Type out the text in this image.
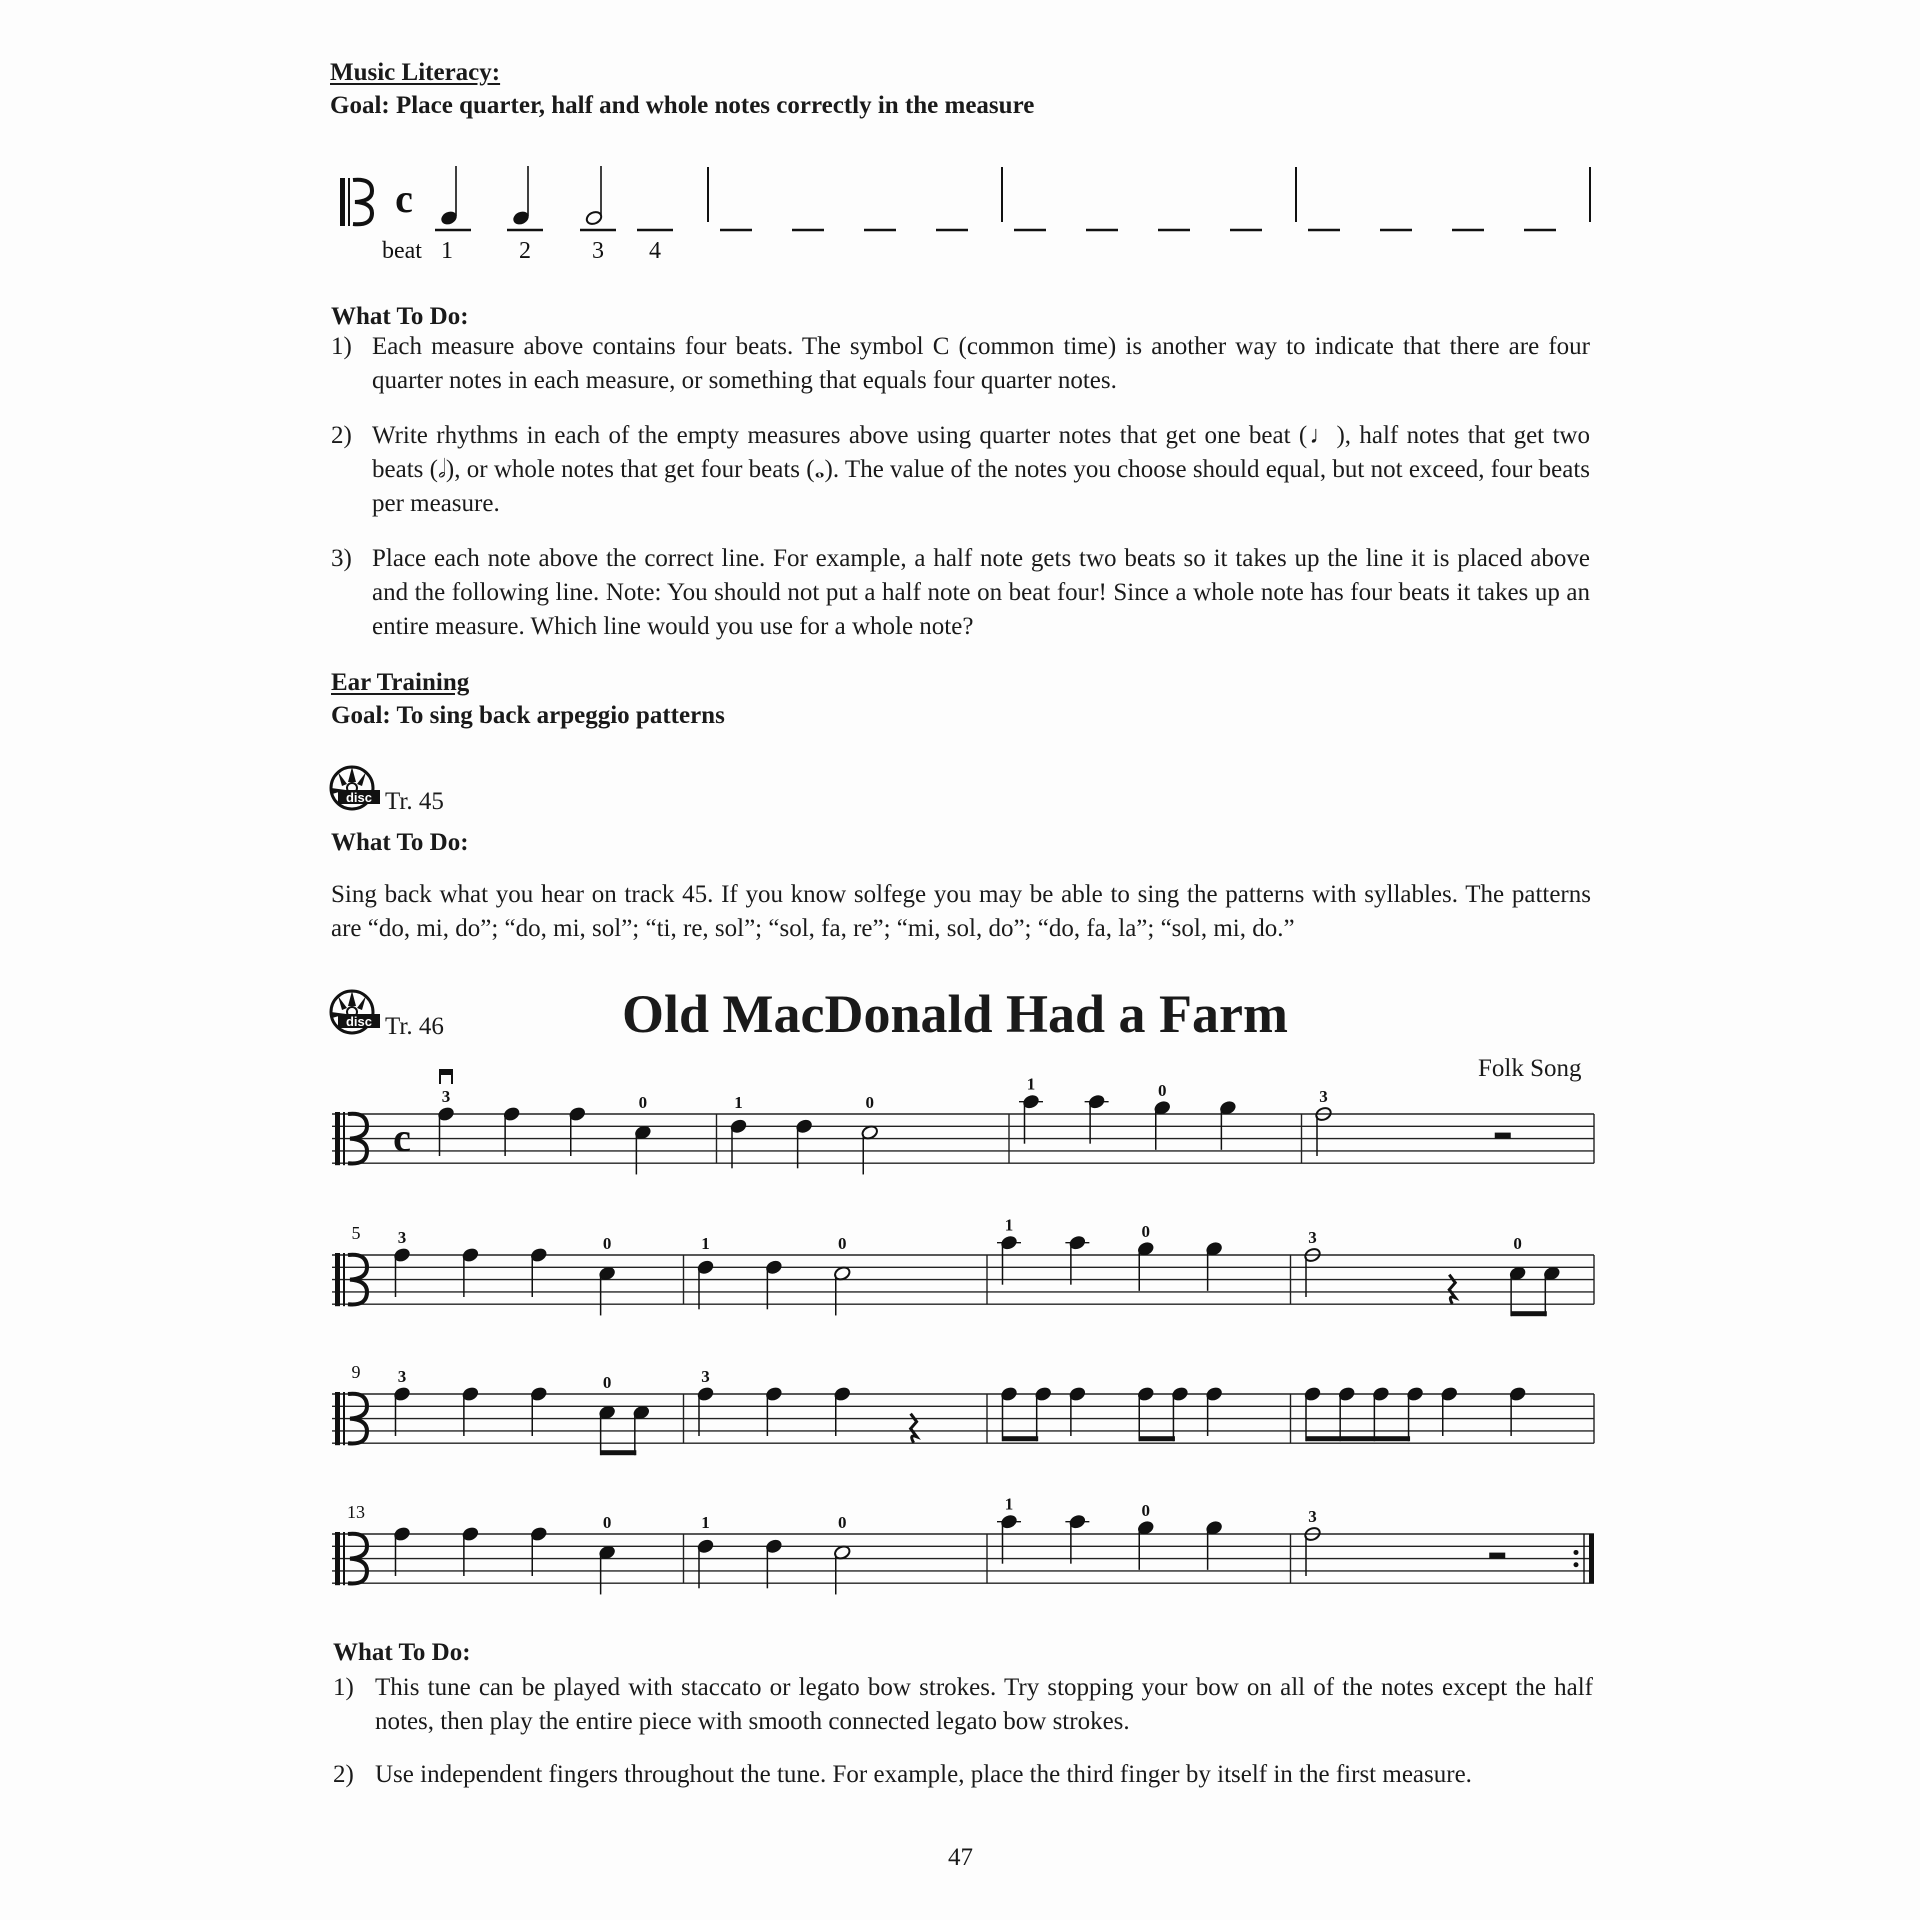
Music Literacy:
Goal: Place quarter, half and whole notes correctly in the measure
c
beat 1	2	3 4
What To Do:
1) Each measure above contains four beats. The symbol C (common time) is another way to indicate that there are four quarter notes in each measure, or something that equals four quarter notes.
2) Write rhythms in each of the empty measures above using quarter notes that get one beat (♩), half notes that get two beats (𝅗𝅥), or whole notes that get four beats (𝅝). The value of the notes you choose should equal, but not exceed, four beats per measure.
3) Place each note above the correct line. For example, a half note gets two beats so it takes up the line it is placed above and the following line. Note: You should not put a half note on beat four! Since a whole note has four beats it takes up an entire measure. Which line would you use for a whole note?
Ear Training
Goal: To sing back arpeggio patterns
disc Tr. 45
What To Do:
Sing back what you hear on track 45. If you know solfege you may be able to sing the patterns with syllables. The patterns are “do, mi, do”; “do, mi, sol”; “ti, re, sol”; “sol, fa, re”; “mi, sol, do”; “do, fa, la”; “sol, mi, do.”
disc Tr. 46	Old MacDonald Had a Farm
Folk Song
c
3	0	1	0
1	0	3
5 3	0	1	0
1	0	3	0
9 3	0	3
13
0	1	0
1	0	3
What To Do:
1) This tune can be played with staccato or legato bow strokes. Try stopping your bow on all of the notes except the half notes, then play the entire piece with smooth connected legato bow strokes.
2) Use independent fingers throughout the tune. For example, place the third finger by itself in the first measure.
47
